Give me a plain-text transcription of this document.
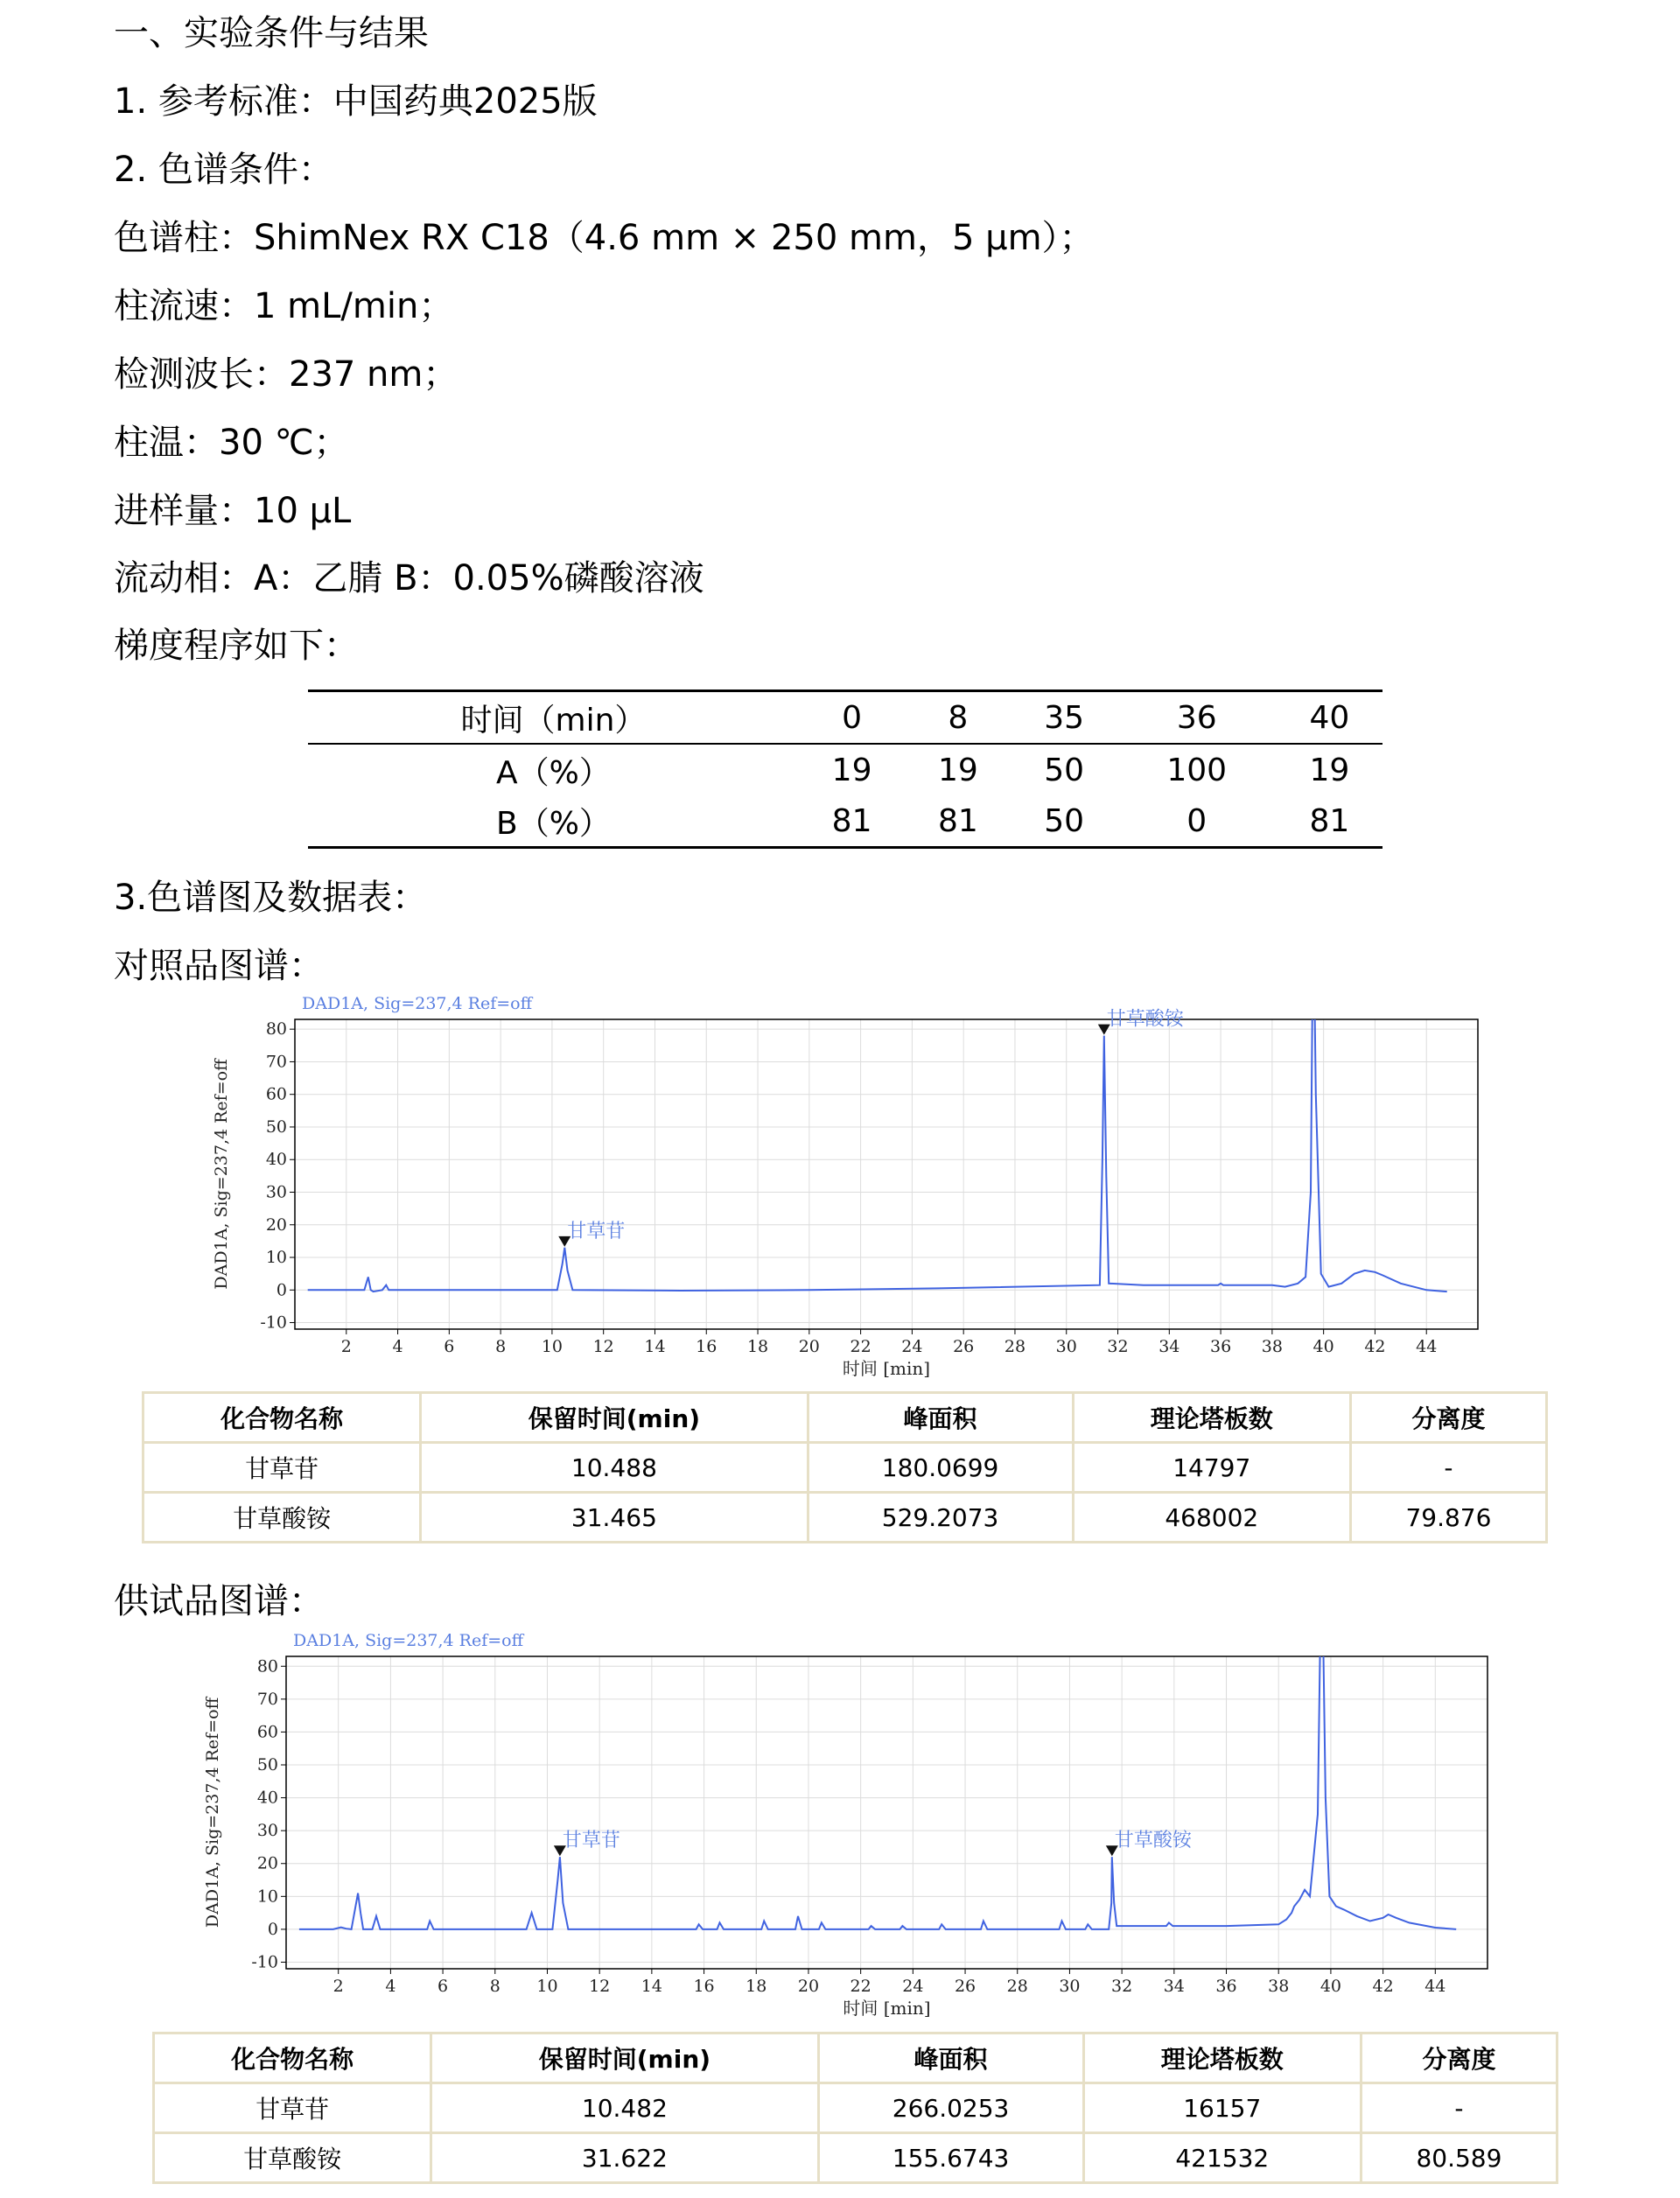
一、实验条件与结果
1. 参考标准：中国药典2025版
2. 色谱条件：
色谱柱：ShimNex RX C18（4.6 mm × 250 mm，5 μm）；
柱流速：1 mL/min；
检测波长：237 nm；
柱温：30 ℃；
进样量：10 μL
流动相：A：乙腈 B：0.05%磷酸溶液
梯度程序如下：
时间（min）	0	8	35	36	40
A（%）	19	19	50	100	19
B（%）	81	81	50	0	81
3.色谱图及数据表：
对照品图谱：
2 4 6 8 10 12 14 16 18 20 22 24 26 28 30 32 34 36 38 40 42 44
-10
0
10
20
30
40
50
60
70
80
DAD1A, Sig=237,4 Ref=off
时间 [min]
DAD1A, Sig=237,4 Ref=off	甘草苷
甘草酸铵
化合物名称	保留时间(min)	峰面积	理论塔板数	分离度
甘草苷	10.488	180.0699	14797	-
甘草酸铵	31.465	529.2073	468002	79.876
供试品图谱：
2	4	6	8 10 12 14 16 18 20 22 24 26 28 30 32 34 36 38 40 42 44
-10
0
10
20
30
40
50
60
70
80
DAD1A, Sig=237,4 Ref=off
时间 [min]
DAD1A, Sig=237,4 Ref=off	甘草苷	甘草酸铵
化合物名称	保留时间(min)	峰面积	理论塔板数	分离度
甘草苷	10.482	266.0253	16157	-
甘草酸铵	31.622	155.6743	421532	80.589
